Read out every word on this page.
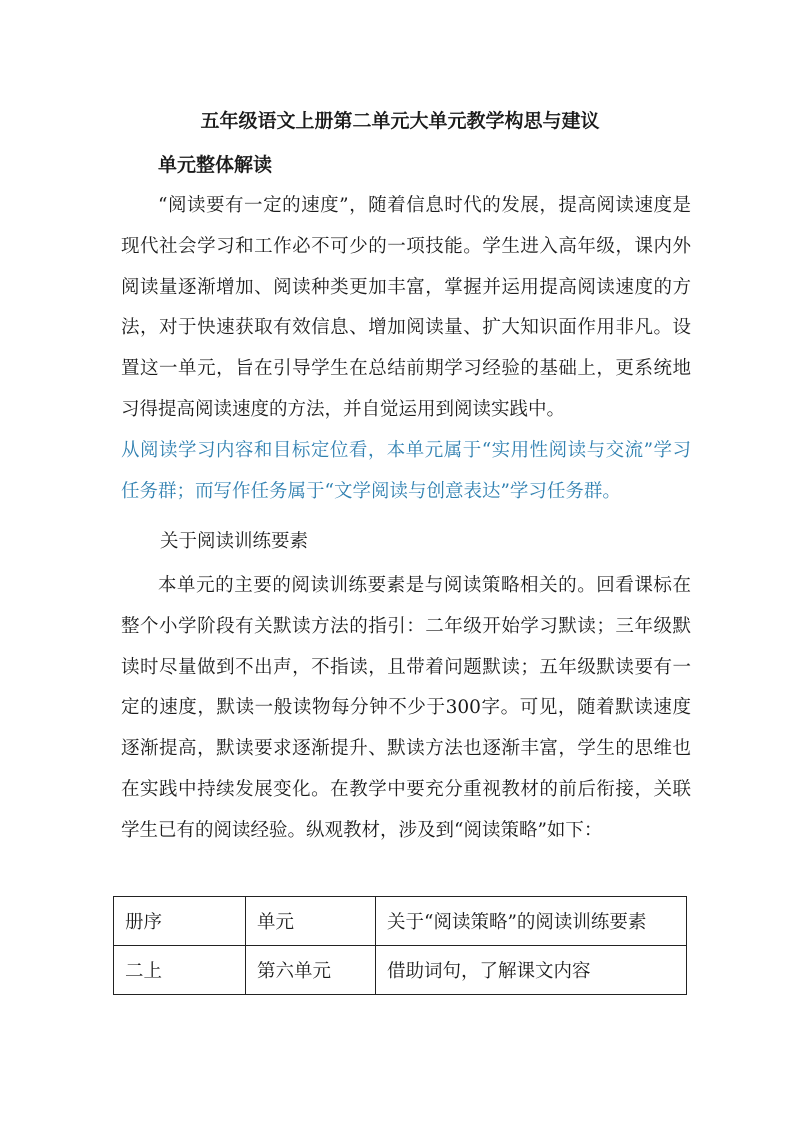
五年级语文上册第二单元大单元教学构思与建议
单元整体解读

“阅读要有一定的速度”，随着信息时代的发展，提高阅读速度是现代社会学习和工作必不可少的一项技能。学生进入高年级，课内外阅读量逐渐增加、阅读种类更加丰富，掌握并运用提高阅读速度的方法，对于快速获取有效信息、增加阅读量、扩大知识面作用非凡。设置这一单元，旨在引导学生在总结前期学习经验的基础上，更系统地习得提高阅读速度的方法，并自觉运用到阅读实践中。

从阅读学习内容和目标定位看，本单元属于“实用性阅读与交流”学习任务群；而写作任务属于“文学阅读与创意表达”学习任务群。

关于阅读训练要素

本单元的主要的阅读训练要素是与阅读策略相关的。回看课标在整个小学阶段有关默读方法的指引：二年级开始学习默读；三年级默读时尽量做到不出声，不指读，且带着问题默读；五年级默读要有一定的速度，默读一般读物每分钟不少于300字。可见，随着默读速度逐渐提高，默读要求逐渐提升、默读方法也逐渐丰富，学生的思维也在实践中持续发展变化。在教学中要充分重视教材的前后衔接，关联学生已有的阅读经验。纵观教材，涉及到“阅读策略”如下：

册序	单元	关于“阅读策略”的阅读训练要素
二上	第六单元	借助词句，了解课文内容
